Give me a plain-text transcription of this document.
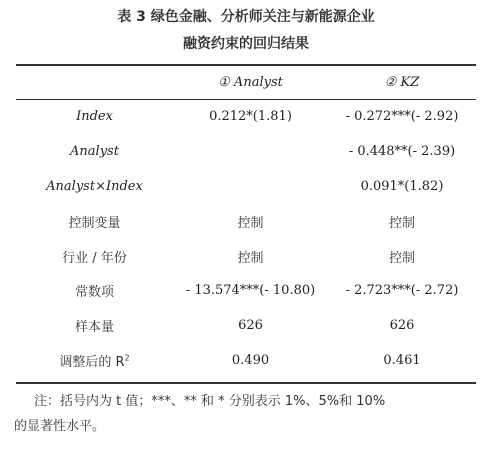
表 3 绿色金融、分析师关注与新能源企业
融资约束的回归结果
	① Analyst	② KZ
Index	0.212*(1.81)	- 0.272***(- 2.92)
Analyst		- 0.448**(- 2.39)
Analyst×Index		0.091*(1.82)
控制变量	控制	控制
行业 / 年份	控制	控制
常数项	- 13.574***(- 10.80)	- 2.723***(- 2.72)
样本量	626	626
调整后的 $R^2$	0.490	0.461
注：括号内为 t 值；***、** 和 * 分别表示 1%、5%和 10%
的显著性水平。
